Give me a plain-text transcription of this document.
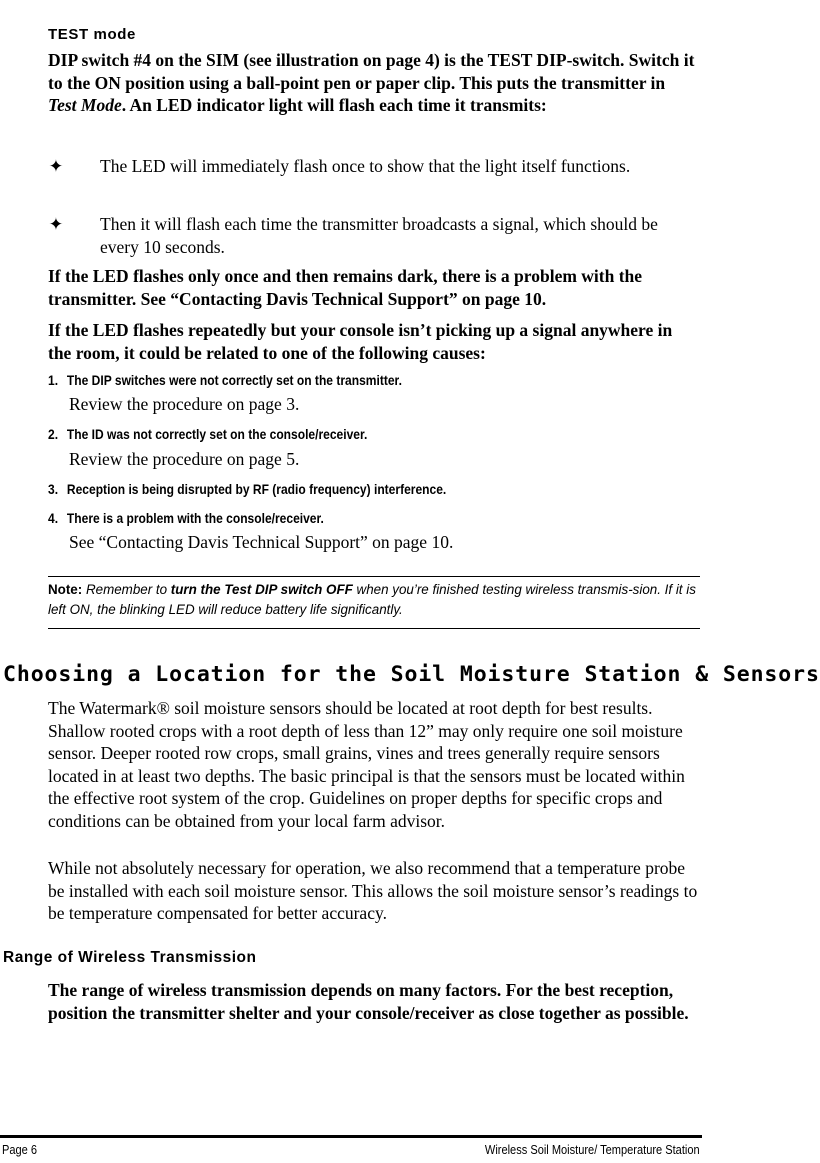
TEST mode
DIP switch #4 on the SIM (see illustration on page 4) is the TEST DIP-switch. Switch it to the ON position using a ball-point pen or paper clip. This puts the transmitter in Test Mode. An LED indicator light will flash each time it transmits:
✦ The LED will immediately flash once to show that the light itself functions.
✦ Then it will flash each time the transmitter broadcasts a signal, which should be every 10 seconds.
If the LED flashes only once and then remains dark, there is a problem with the transmitter. See “Contacting Davis Technical Support” on page 10.
If the LED flashes repeatedly but your console isn’t picking up a signal anywhere in the room, it could be related to one of the following causes:
1. The DIP switches were not correctly set on the transmitter.
Review the procedure on page 3.
2. The ID was not correctly set on the console/receiver.
Review the procedure on page 5.
3. Reception is being disrupted by RF (radio frequency) interference.
4. There is a problem with the console/receiver.
See “Contacting Davis Technical Support” on page 10.
Note: Remember to turn the Test DIP switch OFF when you’re finished testing wireless transmis-sion. If it is left ON, the blinking LED will reduce battery life significantly.
Choosing a Location for the Soil Moisture Station & Sensors
The Watermark® soil moisture sensors should be located at root depth for best results. Shallow rooted crops with a root depth of less than 12” may only require one soil moisture sensor. Deeper rooted row crops, small grains, vines and trees generally require sensors located in at least two depths. The basic principal is that the sensors must be located within the effective root system of the crop. Guidelines on proper depths for specific crops and conditions can be obtained from your local farm advisor.
While not absolutely necessary for operation, we also recommend that a temperature probe be installed with each soil moisture sensor. This allows the soil moisture sensor’s readings to be temperature compensated for better accuracy.
Range of Wireless Transmission
The range of wireless transmission depends on many factors. For the best reception, position the transmitter shelter and your console/receiver as close together as possible.
Page 6	Wireless Soil Moisture/ Temperature Station
